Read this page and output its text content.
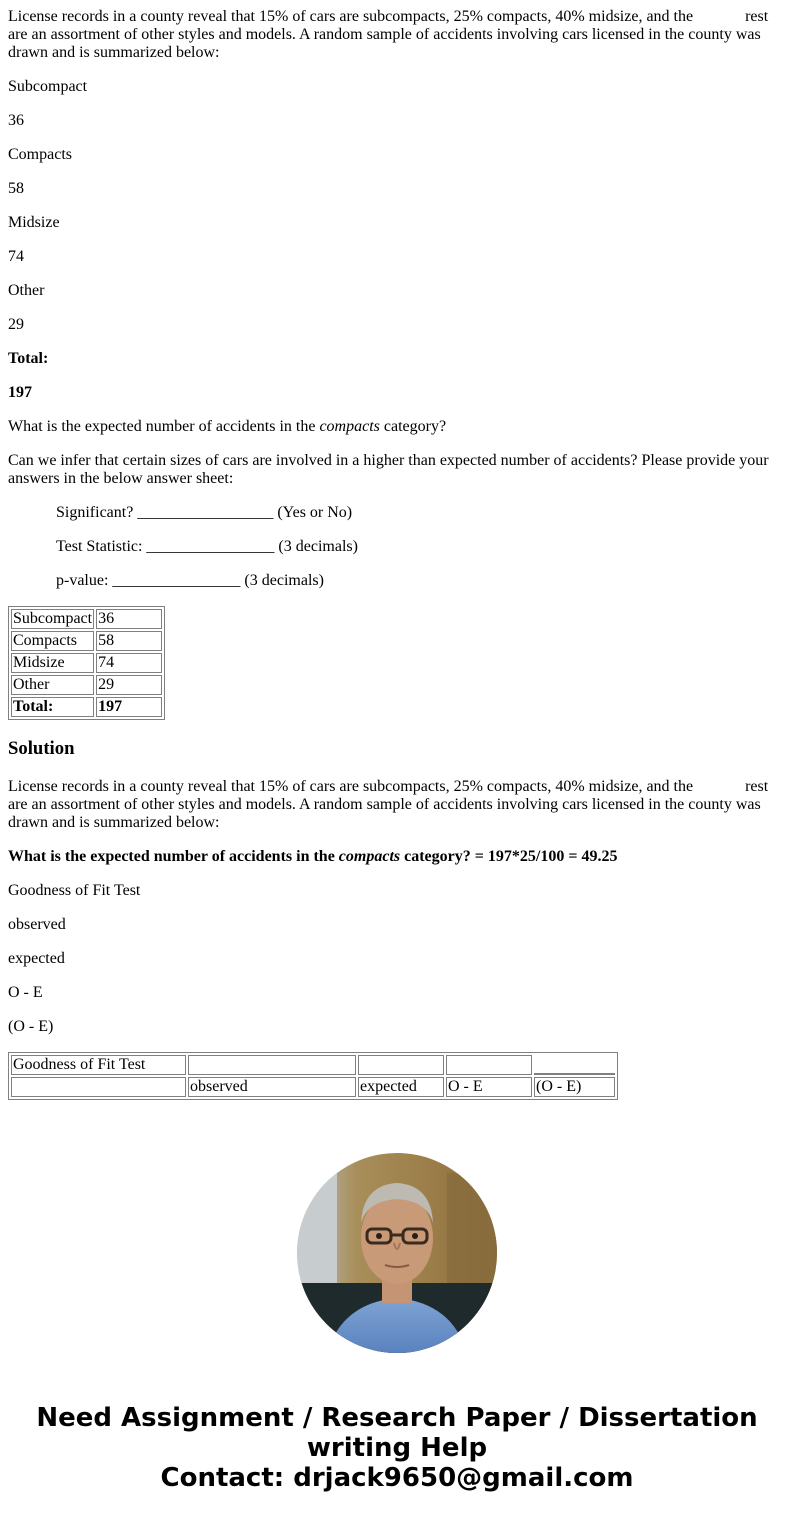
License records in a county reveal that 15% of cars are subcompacts, 25% compacts, 40% midsize, and the	rest are an assortment of other styles and models. A random sample of accidents involving cars licensed in the county was drawn and is summarized below:

Subcompact

36

Compacts

58

Midsize

74

Other

29

Total:

197

What is the expected number of accidents in the compacts category?

Can we infer that certain sizes of cars are involved in a higher than expected number of accidents? Please provide your answers in the below answer sheet:

Significant? _________________ (Yes or No)

Test Statistic: ________________ (3 decimals)

p-value: ________________ (3 decimals)

Subcompact	36
Compacts	58
Midsize	74
Other	29
Total:	197
Solution

License records in a county reveal that 15% of cars are subcompacts, 25% compacts, 40% midsize, and the	rest are an assortment of other styles and models. A random sample of accidents involving cars licensed in the county was drawn and is summarized below:

What is the expected number of accidents in the compacts category? = 197*25/100 = 49.25

Goodness of Fit Test

observed

expected

O - E

(O - E)

Goodness of Fit Test				
	observed	expected	O - E	(O - E)
Need Assignment / Research Paper / Dissertation
writing Help
Contact: drjack9650@gmail.com
